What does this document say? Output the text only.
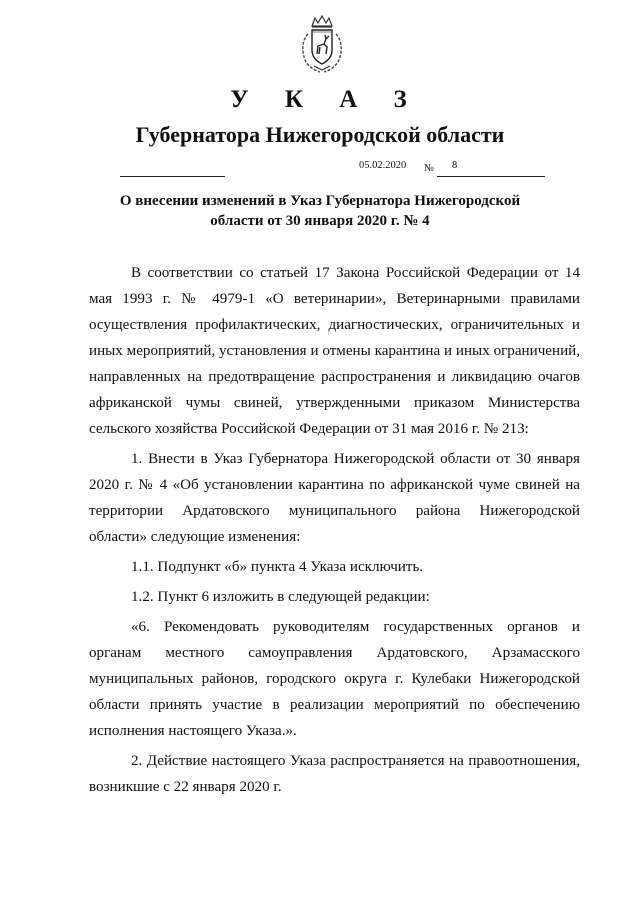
У К А З
Губернатора Нижегородской области
05.02.2020 № 8
О внесении изменений в Указ Губернатора Нижегородской
области от 30 января 2020 г. № 4

В соответствии со статьей 17 Закона Российской Федерации от 14 мая 1993 г. № 4979-1 «О ветеринарии», Ветеринарными правилами осуществления профилактических, диагностических, ограничительных и иных мероприятий, установления и отмены карантина и иных ограничений, направленных на предотвращение распространения и ликвидацию очагов африканской чумы свиней, утвержденными приказом Министерства сельского хозяйства Российской Федерации от 31 мая 2016 г. № 213:

1. Внести в Указ Губернатора Нижегородской области от 30 января 2020 г. № 4 «Об установлении карантина по африканской чуме свиней на территории Ардатовского муниципального района Нижегородской области» следующие изменения:

1.1. Подпункт «б» пункта 4 Указа исключить.

1.2. Пункт 6 изложить в следующей редакции:

«6. Рекомендовать руководителям государственных органов и органам местного самоуправления Ардатовского, Арзамасского муниципальных районов, городского округа г. Кулебаки Нижегородской области принять участие в реализации мероприятий по обеспечению исполнения настоящего Указа.».

2. Действие настоящего Указа распространяется на правоотношения, возникшие с 22 января 2020 г.
